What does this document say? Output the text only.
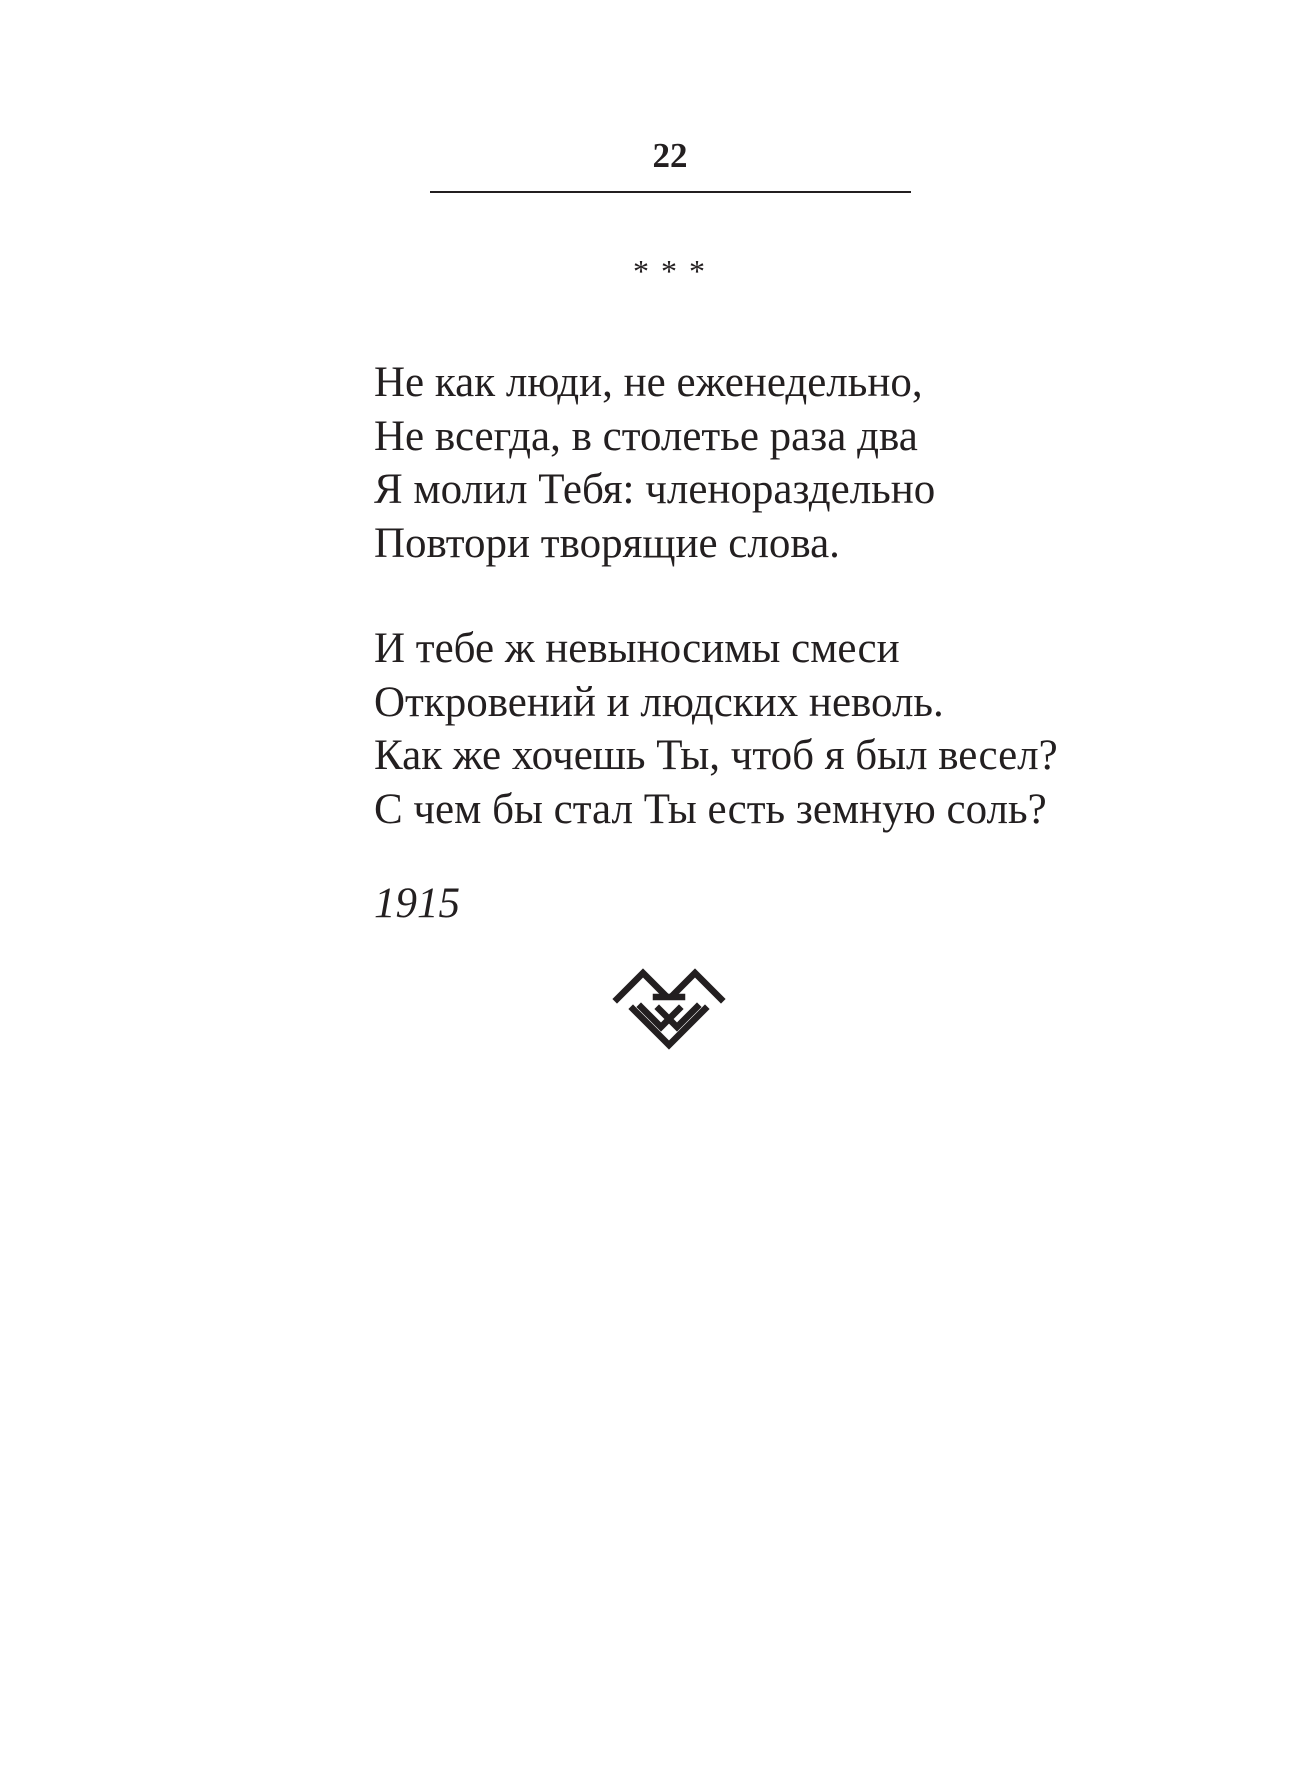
22
* * *
Не как люди, не еженедельно,
Не всегда, в столетье раза два
Я молил Тебя: членораздельно
Повтори творящие слова.
И тебе ж невыносимы смеси
Откровений и людских неволь.
Как же хочешь Ты, чтоб я был весел?
С чем бы стал Ты есть земную соль?
1915
